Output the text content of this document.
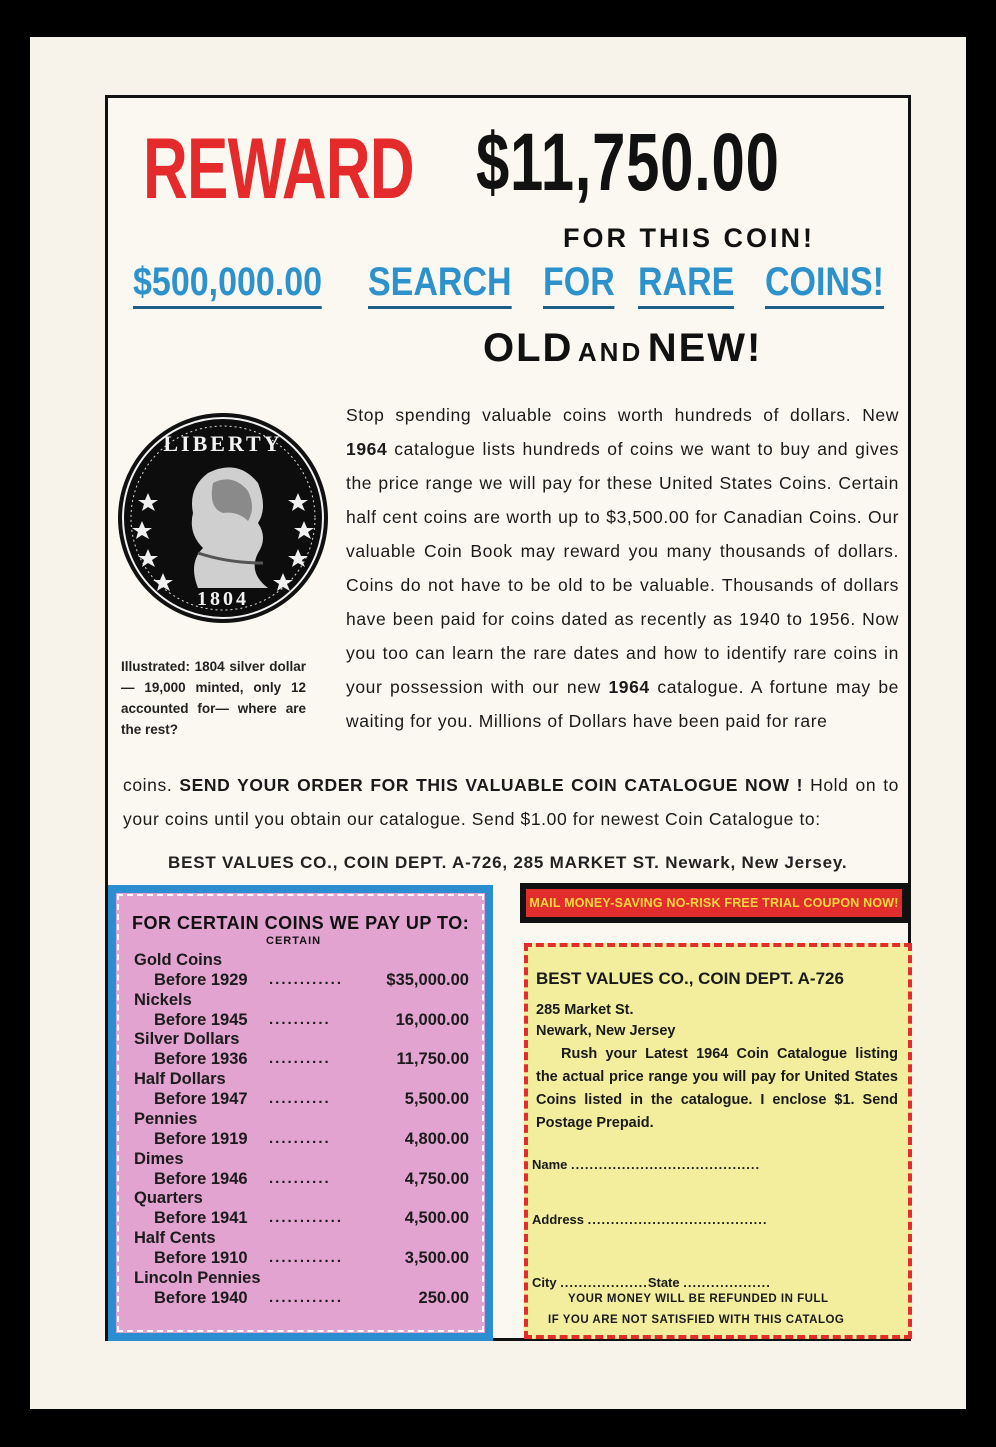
REWARD $11,750.00
FOR THIS COIN!
$500,000.00 SEARCH FOR RARE COINS!
OLD AND NEW!
LIBERTY
1804
Illustrated: 1804 silver dollar — 19,000 minted, only 12 accounted for— where are the rest?
Stop spending valuable coins worth hundreds of dollars. New 1964 catalogue lists hundreds of coins we want to buy and gives the price range we will pay for these United States Coins. Certain half cent coins are worth up to $3,500.00 for Canadian Coins. Our valuable Coin Book may reward you many thousands of dollars. Coins do not have to be old to be valuable. Thousands of dollars have been paid for coins dated as recently as 1940 to 1956. Now you too can learn the rare dates and how to identify rare coins in your possession with our new 1964 catalogue. A fortune may be waiting for you. Millions of Dollars have been paid for rare
coins. SEND YOUR ORDER FOR THIS VALUABLE COIN CATALOGUE NOW ! Hold on to your coins until you obtain our catalogue. Send $1.00 for newest Coin Catalogue to:
BEST VALUES CO., COIN DEPT. A-726, 285 MARKET ST. Newark, New Jersey.
FOR CERTAIN COINS WE PAY UP TO:
CERTAIN
Gold Coins
Before 1929 ............	$35,000.00
Nickels
Before 1945 ..........	16,000.00
Silver Dollars
Before 1936 ..........	11,750.00
Half Dollars
Before 1947 ..........	5,500.00
Pennies
Before 1919 ..........	4,800.00
Dimes
Before 1946 ..........	4,750.00
Quarters
Before 1941 ............	4,500.00
Half Cents
Before 1910 ............	3,500.00
Lincoln Pennies
Before 1940 ............	250.00
MAIL MONEY-SAVING NO-RISK FREE TRIAL COUPON NOW!
BEST VALUES CO., COIN DEPT. A-726
285 Market St.
Newark, New Jersey
Rush your Latest 1964 Coin Catalogue listing the actual price range you will pay for United States Coins listed in the catalogue. I enclose $1. Send Postage Prepaid.
Name .........................................
Address .......................................
City ...................State ...................
YOUR MONEY WILL BE REFUNDED IN FULL
IF YOU ARE NOT SATISFIED WITH THIS CATALOG
